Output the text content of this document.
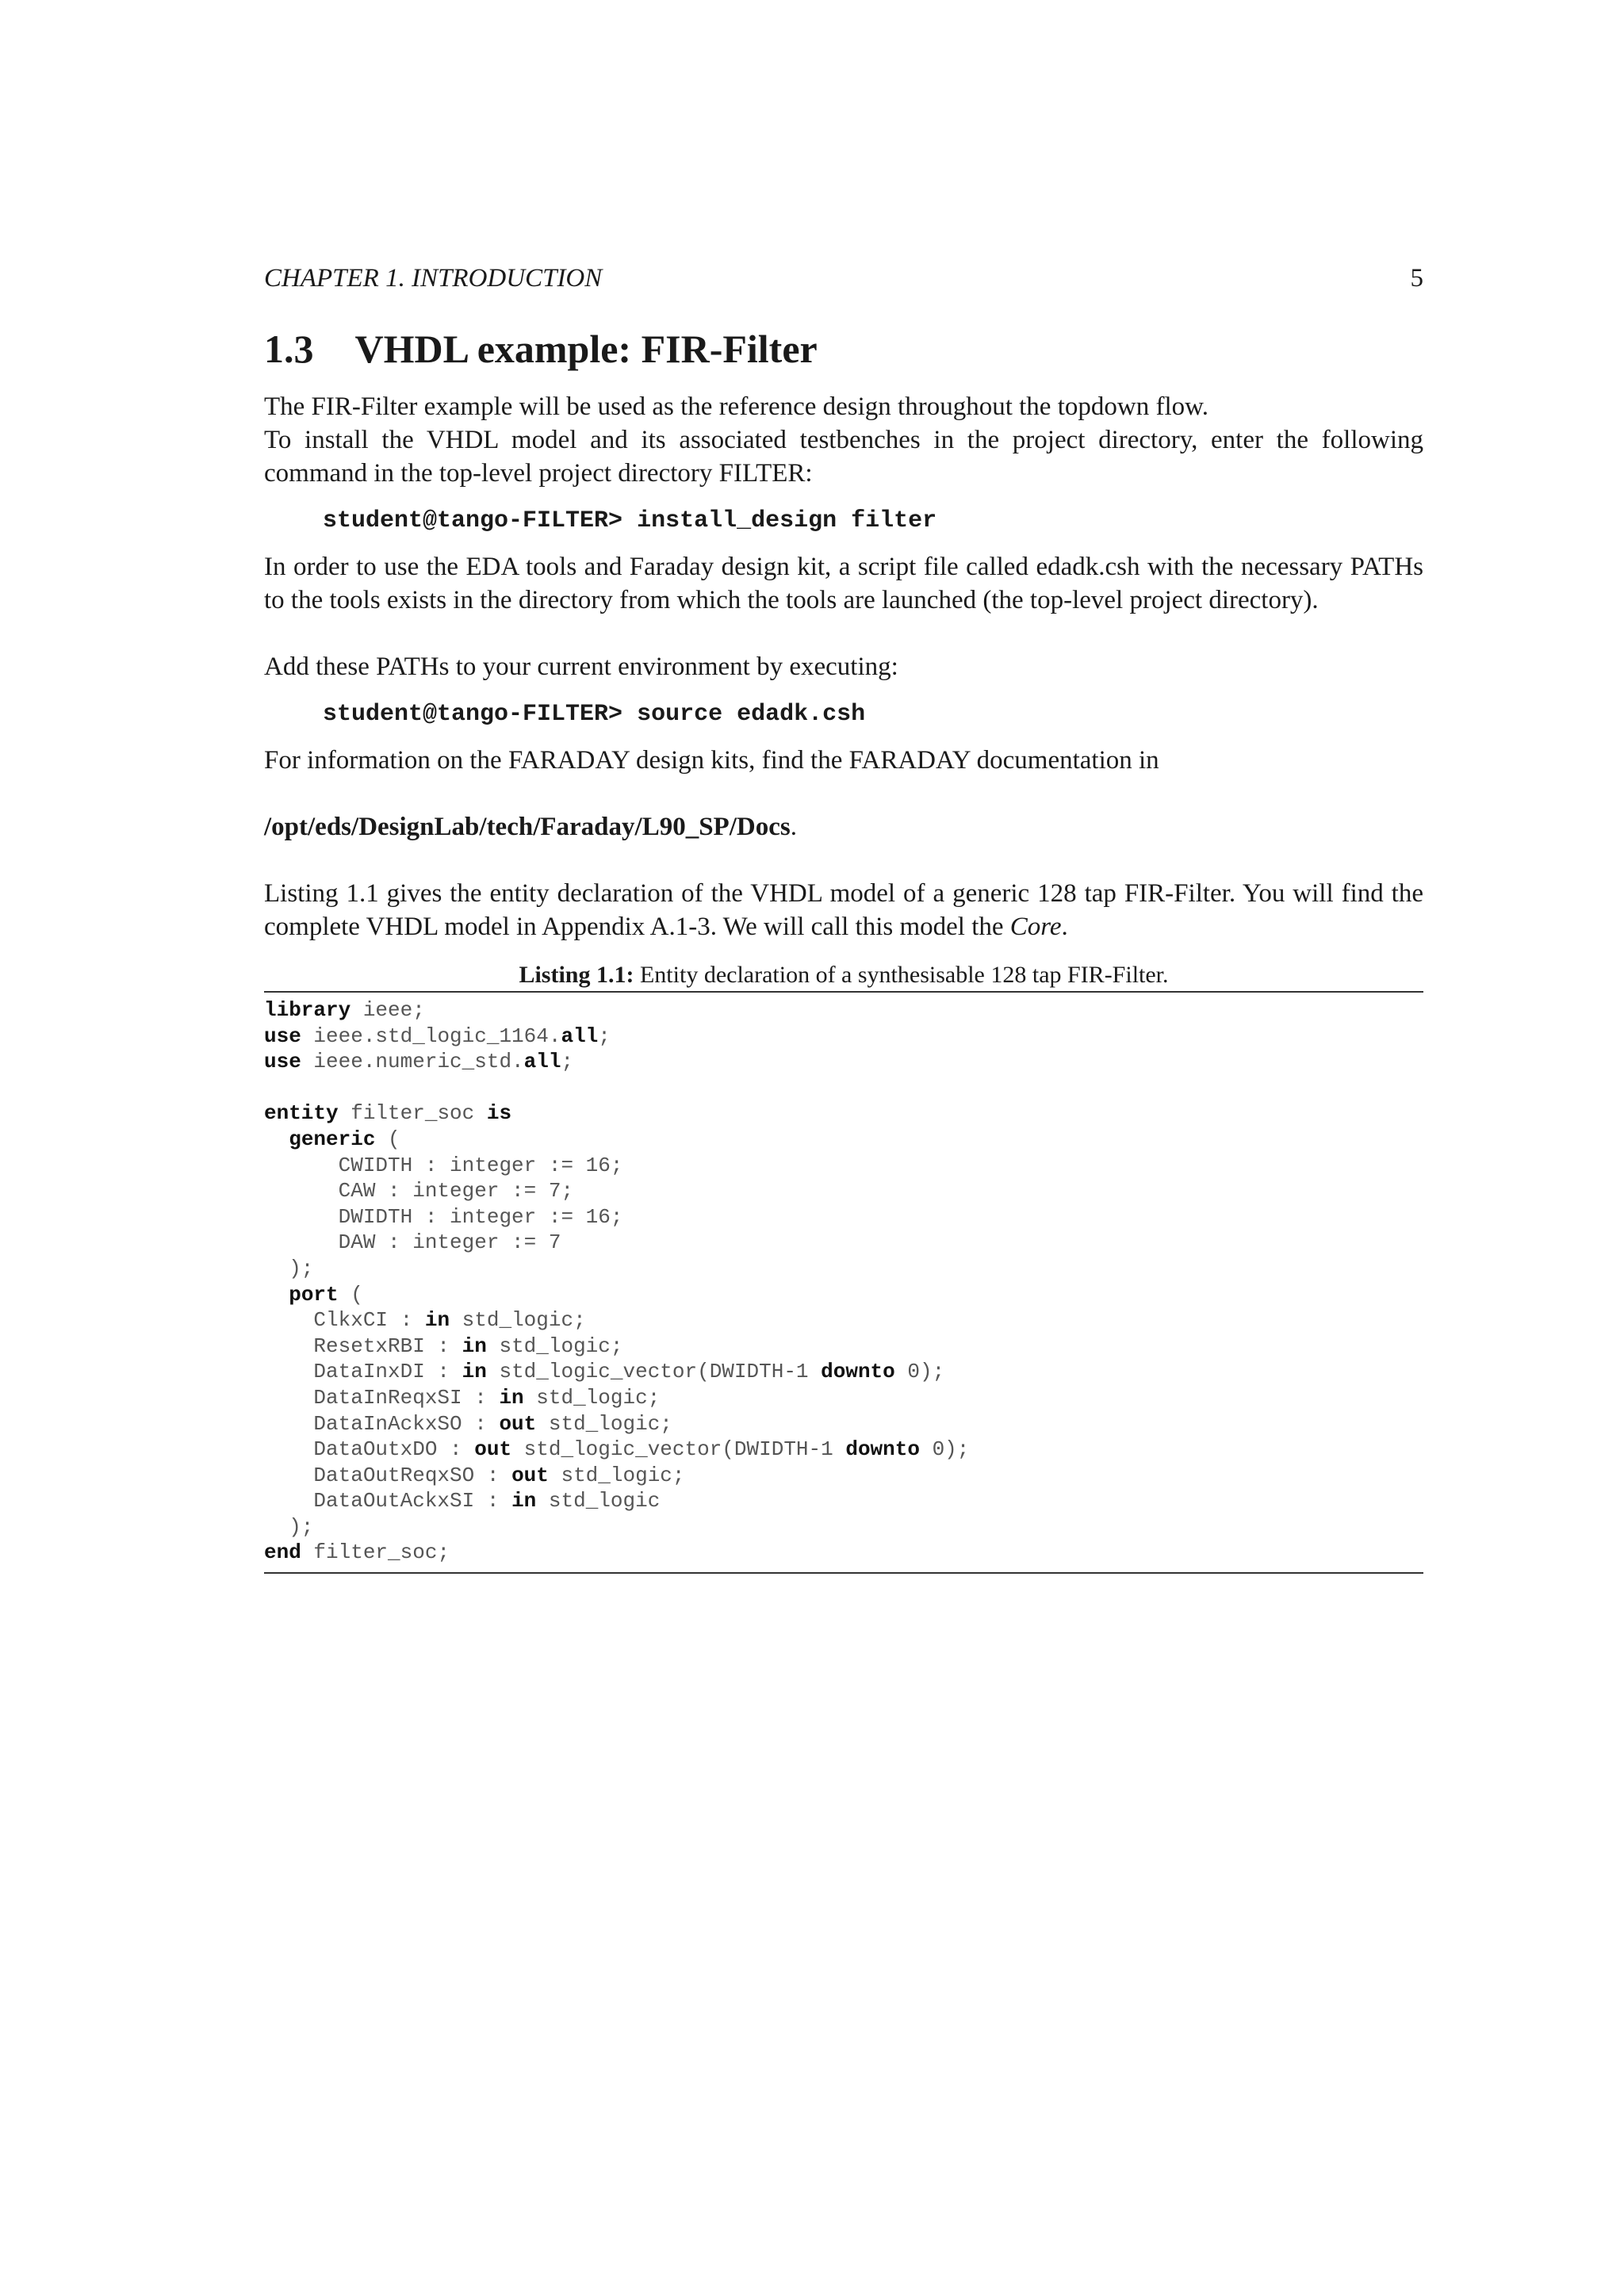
CHAPTER 1. INTRODUCTION	5
1.3 VHDL example: FIR-Filter

The FIR-Filter example will be used as the reference design throughout the topdown flow.

To install the VHDL model and its associated testbenches in the project directory, enter the following command in the top-level project directory FILTER:

student@tango-FILTER> install_design filter

In order to use the EDA tools and Faraday design kit, a script file called edadk.csh with the necessary PATHs to the tools exists in the directory from which the tools are launched (the top-level project directory).

Add these PATHs to your current environment by executing:

student@tango-FILTER> source edadk.csh

For information on the FARADAY design kits, find the FARADAY documentation in

/opt/eds/DesignLab/tech/Faraday/L90_SP/Docs.

Listing 1.1 gives the entity declaration of the VHDL model of a generic 128 tap FIR-Filter. You will find the complete VHDL model in Appendix A.1-3. We will call this model the Core.

Listing 1.1: Entity declaration of a synthesisable 128 tap FIR-Filter.
library ieee;
use ieee.std_logic_1164.all;
use ieee.numeric_std.all;
entity filter_soc is
generic (
CWIDTH : integer := 16;
CAW : integer := 7;
DWIDTH : integer := 16;
DAW : integer := 7
);
port (
ClkxCI : in std_logic;
ResetxRBI : in std_logic;
DataInxDI : in std_logic_vector(DWIDTH-1 downto 0);
DataInReqxSI : in std_logic;
DataInAckxSO : out std_logic;
DataOutxDO : out std_logic_vector(DWIDTH-1 downto 0);
DataOutReqxSO : out std_logic;
DataOutAckxSI : in std_logic
);
end filter_soc;
